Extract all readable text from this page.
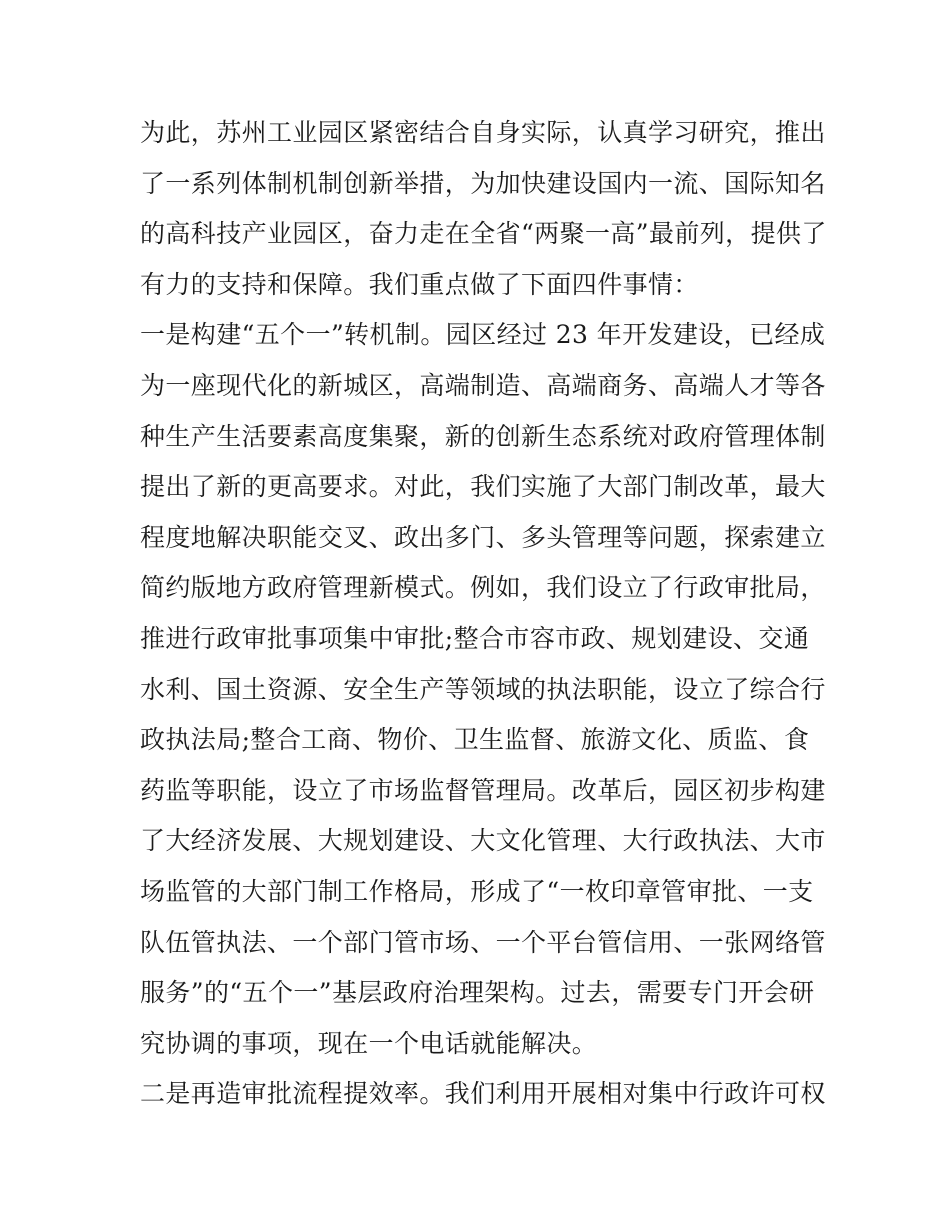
为此，苏州工业园区紧密结合自身实际，认真学习研究，推出
了一系列体制机制创新举措，为加快建设国内一流、国际知名
的高科技产业园区，奋力走在全省“两聚一高”最前列，提供了
有力的支持和保障。我们重点做了下面四件事情：
一是构建“五个一”转机制。园区经过 23 年开发建设，已经成
为一座现代化的新城区，高端制造、高端商务、高端人才等各
种生产生活要素高度集聚，新的创新生态系统对政府管理体制
提出了新的更高要求。对此，我们实施了大部门制改革，最大
程度地解决职能交叉、政出多门、多头管理等问题，探索建立
简约版地方政府管理新模式。例如，我们设立了行政审批局，
推进行政审批事项集中审批;整合市容市政、规划建设、交通
水利、国土资源、安全生产等领域的执法职能，设立了综合行
政执法局;整合工商、物价、卫生监督、旅游文化、质监、食
药监等职能，设立了市场监督管理局。改革后，园区初步构建
了大经济发展、大规划建设、大文化管理、大行政执法、大市
场监管的大部门制工作格局，形成了“一枚印章管审批、一支
队伍管执法、一个部门管市场、一个平台管信用、一张网络管
服务”的“五个一”基层政府治理架构。过去，需要专门开会研
究协调的事项，现在一个电话就能解决。
二是再造审批流程提效率。我们利用开展相对集中行政许可权
